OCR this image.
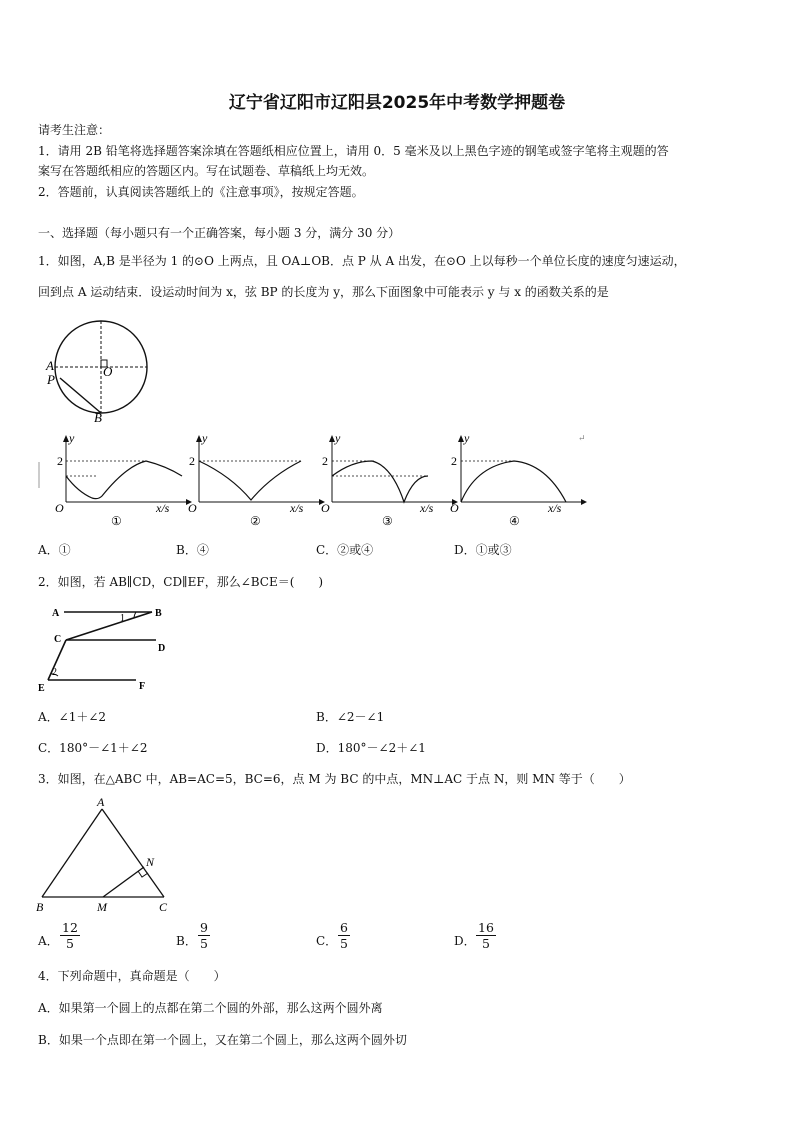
辽宁省辽阳市辽阳县2025年中考数学押题卷
请考生注意：
1．请用 2B 铅笔将选择题答案涂填在答题纸相应位置上，请用 0．5 毫米及以上黑色字迹的钢笔或签字笔将主观题的答
案写在答题纸相应的答题区内。写在试题卷、草稿纸上均无效。
2．答题前，认真阅读答题纸上的《注意事项》，按规定答题。
一、选择题（每小题只有一个正确答案，每小题 3 分，满分 30 分）
1．如图，A,B 是半径为 1 的⊙O 上两点，且 OA⊥OB．点 P 从 A 出发，在⊙O 上以每秒一个单位长度的速度匀速运动，
回到点 A 运动结束．设运动时间为 x，弦 BP 的长度为 y，那么下面图象中可能表示 y 与 x 的函数关系的是
A
P
O
B
y
2
O	x/s
①
y
2
O	x/s
②
y
2
O	x/s
③
y
2
O	x/s
④
↵
A．①	B．④	C．②或④	D．①或③
2．如图，若 AB∥CD，CD∥EF，那么∠BCE＝(　　)
A	B
C
D
E	F
1
2
A．∠1＋∠2	B．∠2－∠1
C．180°－∠1＋∠2	D．180°－∠2＋∠1
3．如图，在△ABC 中，AB=AC=5，BC=6，点 M 为 BC 的中点，MN⊥AC 于点 N，则 MN 等于（　　）
A
B	C
M
N
A． $\frac{12}{5}$	B． $\frac{9}{5}$	C． $\frac{6}{5}$	D． $\frac{16}{5}$
4．下列命题中，真命题是（　　）
A．如果第一个圆上的点都在第二个圆的外部，那么这两个圆外离
B．如果一个点即在第一个圆上，又在第二个圆上，那么这两个圆外切
